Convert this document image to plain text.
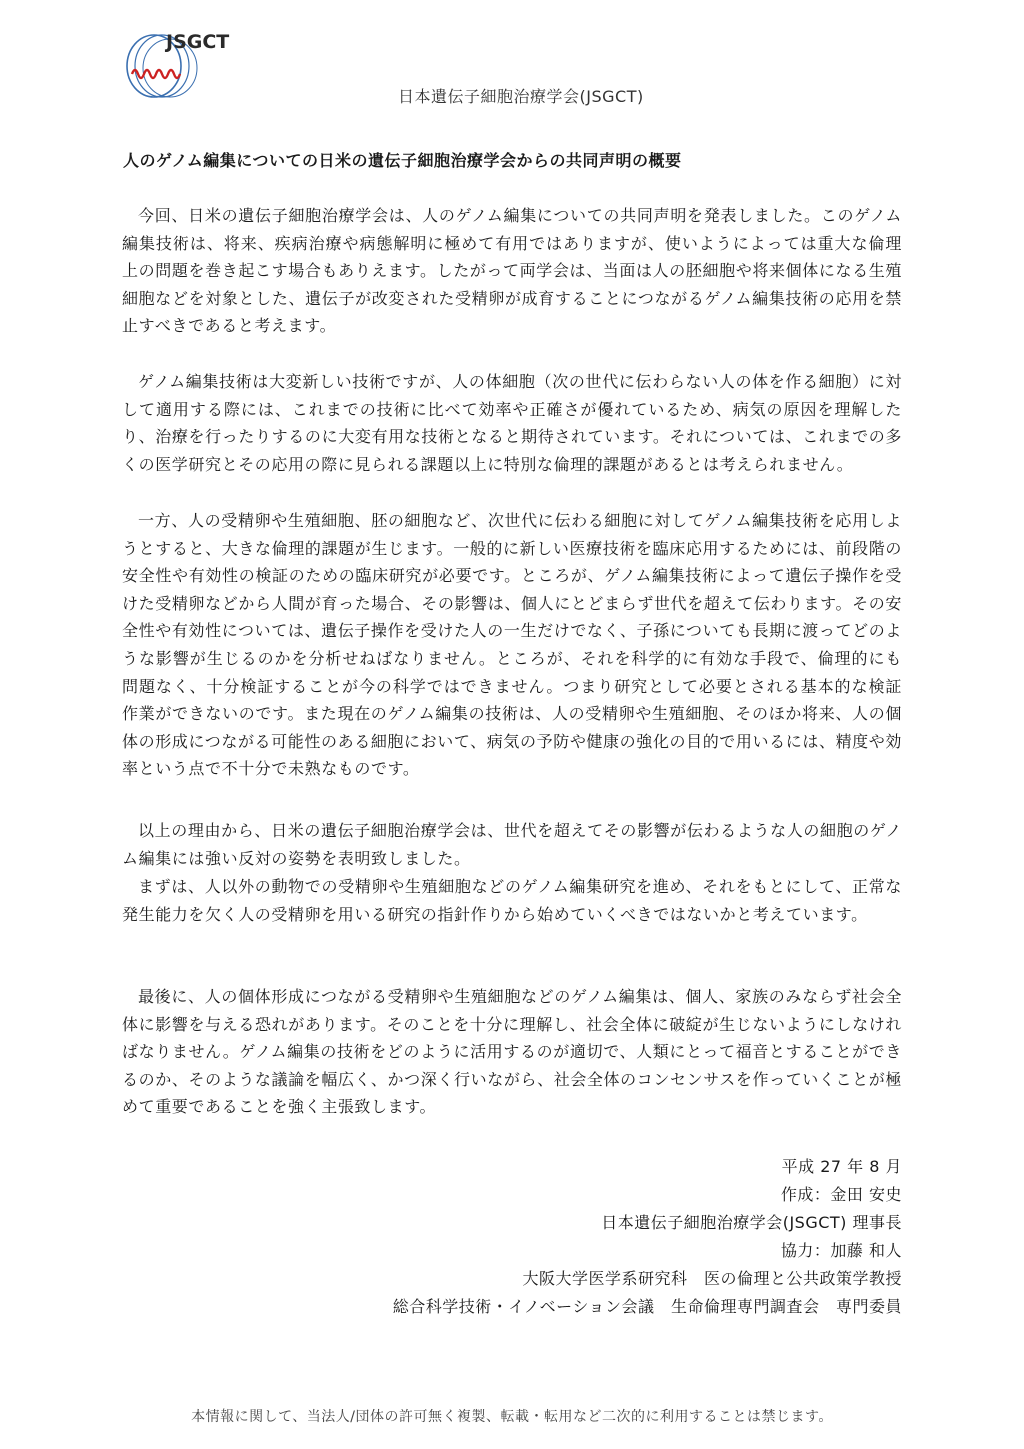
JSGCT
日本遺伝子細胞治療学会(JSGCT)
人のゲノム編集についての日米の遺伝子細胞治療学会からの共同声明の概要

今回、日米の遺伝子細胞治療学会は、人のゲノム編集についての共同声明を発表しました。このゲノム編集技術は、将来、疾病治療や病態解明に極めて有用ではありますが、使いようによっては重大な倫理上の問題を巻き起こす場合もありえます。したがって両学会は、当面は人の胚細胞や将来個体になる生殖細胞などを対象とした、遺伝子が改変された受精卵が成育することにつながるゲノム編集技術の応用を禁止すべきであると考えます。

ゲノム編集技術は大変新しい技術ですが、人の体細胞（次の世代に伝わらない人の体を作る細胞）に対して適用する際には、これまでの技術に比べて効率や正確さが優れているため、病気の原因を理解したり、治療を行ったりするのに大変有用な技術となると期待されています。それについては、これまでの多くの医学研究とその応用の際に見られる課題以上に特別な倫理的課題があるとは考えられません。

一方、人の受精卵や生殖細胞、胚の細胞など、次世代に伝わる細胞に対してゲノム編集技術を応用しようとすると、大きな倫理的課題が生じます。一般的に新しい医療技術を臨床応用するためには、前段階の安全性や有効性の検証のための臨床研究が必要です。ところが、ゲノム編集技術によって遺伝子操作を受けた受精卵などから人間が育った場合、その影響は、個人にとどまらず世代を超えて伝わります。その安全性や有効性については、遺伝子操作を受けた人の一生だけでなく、子孫についても長期に渡ってどのような影響が生じるのかを分析せねばなりません。ところが、それを科学的に有効な手段で、倫理的にも問題なく、十分検証することが今の科学ではできません。つまり研究として必要とされる基本的な検証作業ができないのです。また現在のゲノム編集の技術は、人の受精卵や生殖細胞、そのほか将来、人の個体の形成につながる可能性のある細胞において、病気の予防や健康の強化の目的で用いるには、精度や効率という点で不十分で未熟なものです。

以上の理由から、日米の遺伝子細胞治療学会は、世代を超えてその影響が伝わるような人の細胞のゲノム編集には強い反対の姿勢を表明致しました。

まずは、人以外の動物での受精卵や生殖細胞などのゲノム編集研究を進め、それをもとにして、正常な発生能力を欠く人の受精卵を用いる研究の指針作りから始めていくべきではないかと考えています。

最後に、人の個体形成につながる受精卵や生殖細胞などのゲノム編集は、個人、家族のみならず社会全体に影響を与える恐れがあります。そのことを十分に理解し、社会全体に破綻が生じないようにしなければなりません。ゲノム編集の技術をどのように活用するのが適切で、人類にとって福音とすることができるのか、そのような議論を幅広く、かつ深く行いながら、社会全体のコンセンサスを作っていくことが極めて重要であることを強く主張致します。

平成 27 年 8 月
作成：金田 安史
日本遺伝子細胞治療学会(JSGCT) 理事長
協力：加藤 和人
大阪大学医学系研究科　医の倫理と公共政策学教授
総合科学技術・イノベーション会議　生命倫理専門調査会　専門委員
本情報に関して、当法人/団体の許可無く複製、転載・転用など二次的に利用することは禁じます。
